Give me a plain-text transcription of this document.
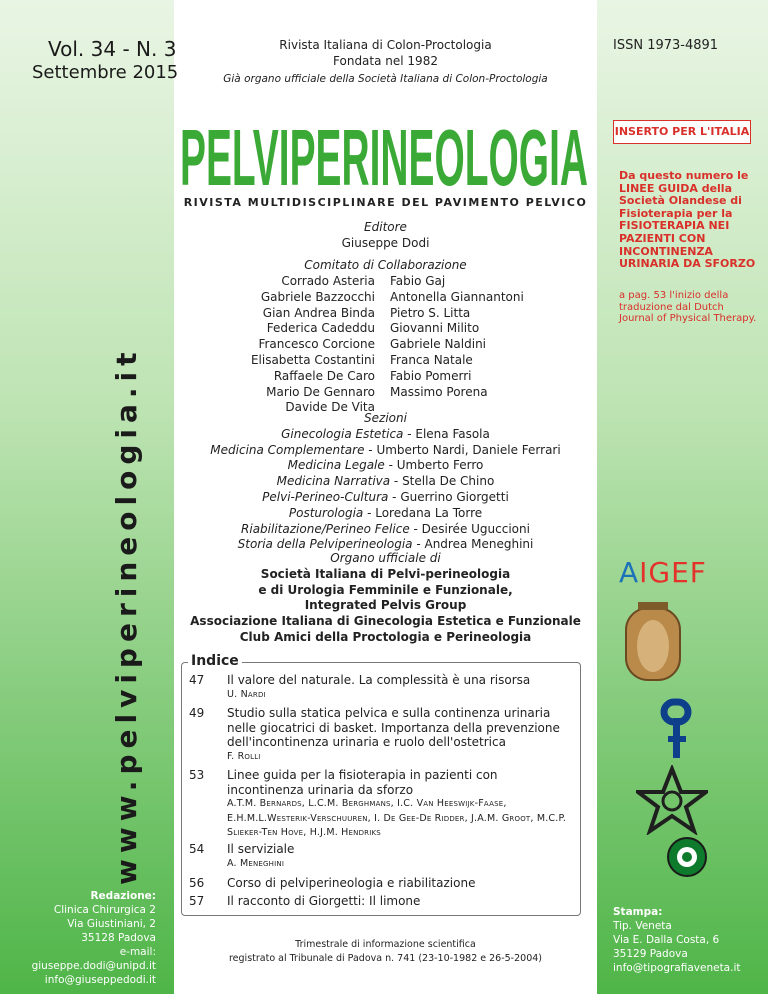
Vol. 34 - N. 3
Settembre 2015
www.pelviperineologia.it
Redazione:
Clinica Chirurgica 2
Via Giustiniani, 2
35128 Padova
e-mail: giuseppe.dodi@unipd.it
info@giuseppedodi.it
Rivista Italiana di Colon-Proctologia
Fondata nel 1982
Già organo ufficiale della Società Italiana di Colon-Proctologia
ISSN 1973-4891
PELVIPERINEOLOGIA
RIVISTA MULTIDISCIPLINARE DEL PAVIMENTO PELVICO
Editore
Giuseppe Dodi
Comitato di Collaborazione
Corrado Asteria
Gabriele Bazzocchi
Gian Andrea Binda
Federica Cadeddu
Francesco Corcione
Elisabetta Costantini
Raffaele De Caro
Mario De Gennaro
Davide De Vita
Fabio Gaj
Antonella Giannantoni
Pietro S. Litta
Giovanni Milito
Gabriele Naldini
Franca Natale
Fabio Pomerri
Massimo Porena
Sezioni
Ginecologia Estetica - Elena Fasola
Medicina Complementare - Umberto Nardi, Daniele Ferrari
Medicina Legale - Umberto Ferro
Medicina Narrativa - Stella De Chino
Pelvi-Perineo-Cultura - Guerrino Giorgetti
Posturologia - Loredana La Torre
Riabilitazione/Perineo Felice - Desirée Uguccioni
Storia della Pelviperineologia - Andrea Meneghini
Organo ufficiale di
Società Italiana di Pelvi-perineologia
e di Urologia Femminile e Funzionale,
Integrated Pelvis Group
Associazione Italiana di Ginecologia Estetica e Funzionale
Club Amici della Proctologia e Perineologia
Indice
47 Il valore del naturale. La complessità è una risorsa
U. Nardi
49 Studio sulla statica pelvica e sulla continenza urinaria nelle giocatrici di basket. Importanza della prevenzione dell'incontinenza urinaria e ruolo dell'ostetrica
F. Rolli
53 Linee guida per la fisioterapia in pazienti con incontinenza urinaria da sforzo
A.T.M. Bernards, L.C.M. Berghmans, I.C. Van Heeswijk-Faase, E.H.M.L.Westerik-Verschuuren, I. De Gee-De Ridder, J.A.M. Groot, M.C.P. Slieker-Ten Hove, H.J.M. Hendriks
54 Il serviziale
A. Meneghini
56 Corso di pelviperineologia e riabilitazione
57 Il racconto di Giorgetti: Il limone
Trimestrale di informazione scientifica
registrato al Tribunale di Padova n. 741 (23-10-1982 e 26-5-2004)
INSERTO PER L'ITALIA
Da questo numero le LINEE GUIDA della Società Olandese di Fisioterapia per la FISIOTERAPIA NEI PAZIENTI CON INCONTINENZA URINARIA DA SFORZO
a pag. 53 l'inizio della traduzione dal Dutch Journal of Physical Therapy.
AIGEF
Stampa:
Tip. Veneta
Via E. Dalla Costa, 6
35129 Padova
info@tipografiaveneta.it
